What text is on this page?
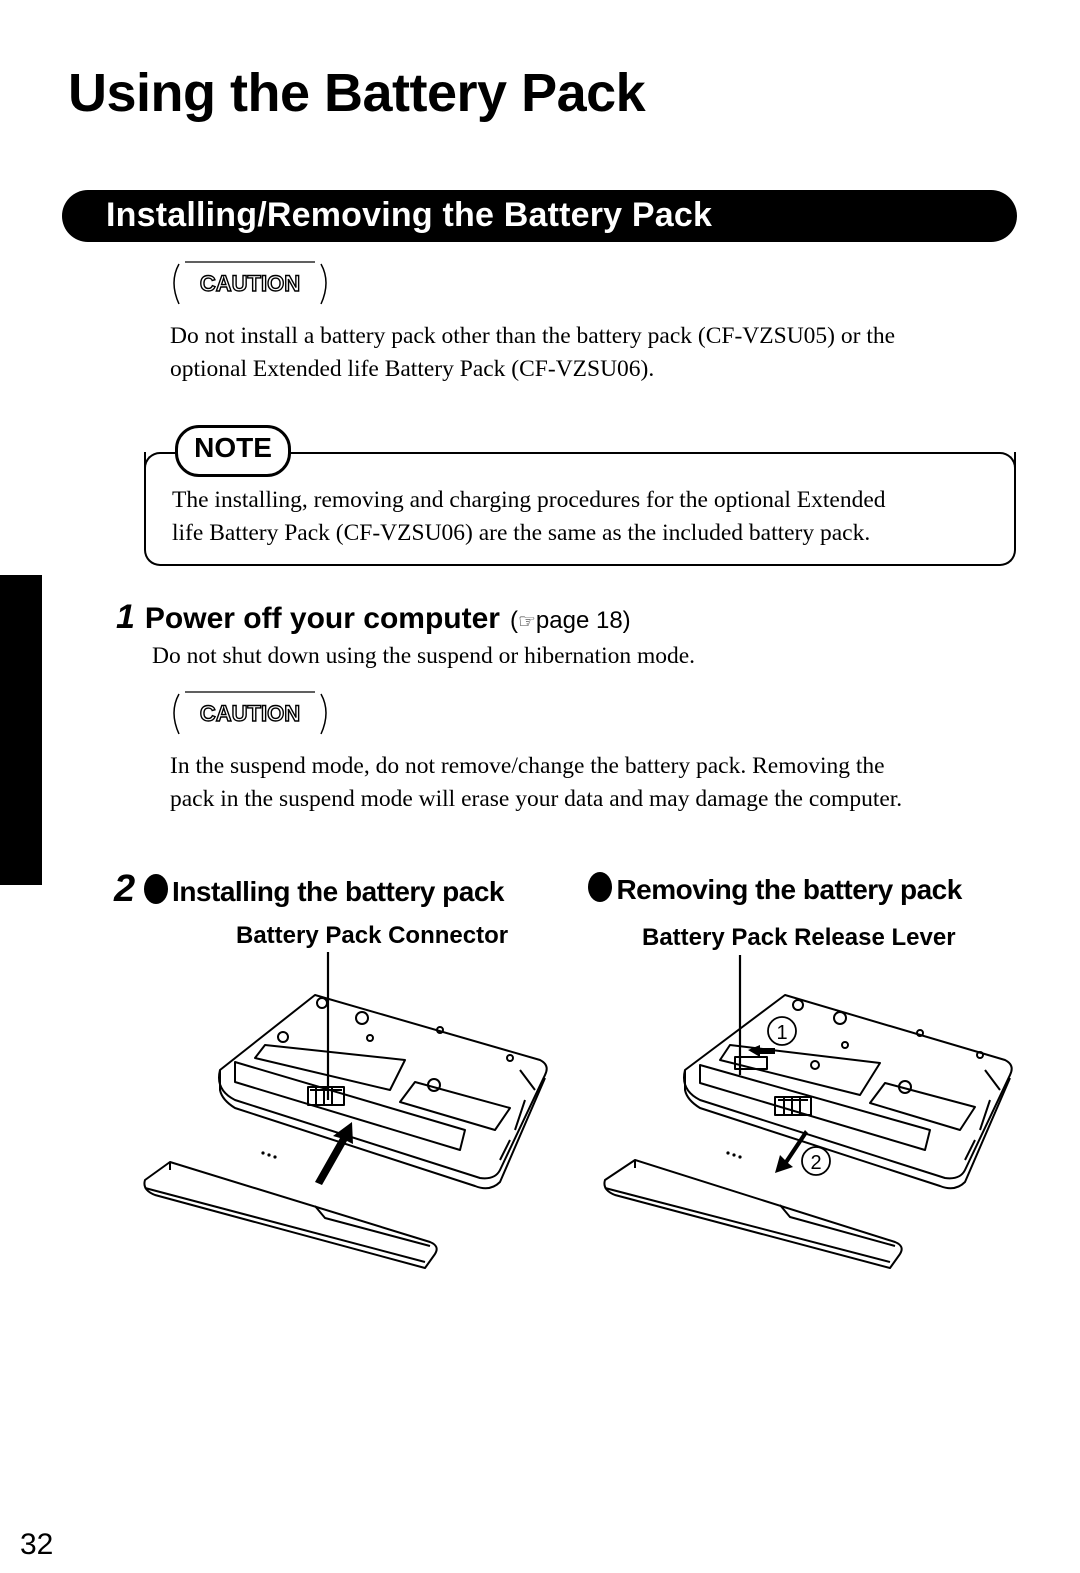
Using the Battery Pack
Installing/Removing the Battery Pack
CAUTION
Do not install a battery pack other than the battery pack (CF-VZSU05) or the
optional Extended life Battery Pack (CF-VZSU06).
NOTE
The installing, removing and charging procedures for the optional Extended
life Battery Pack (CF-VZSU06) are the same as the included battery pack.
1 Power off your computer (☞page 18)
Do not shut down using the suspend or hibernation mode.
CAUTION
In the suspend mode, do not remove/change the battery pack. Removing the
pack in the suspend mode will erase your data and may damage the computer.
2 Installing the battery pack	Removing the battery pack
Battery Pack Connector	Battery Pack Release Lever
1
2
32
